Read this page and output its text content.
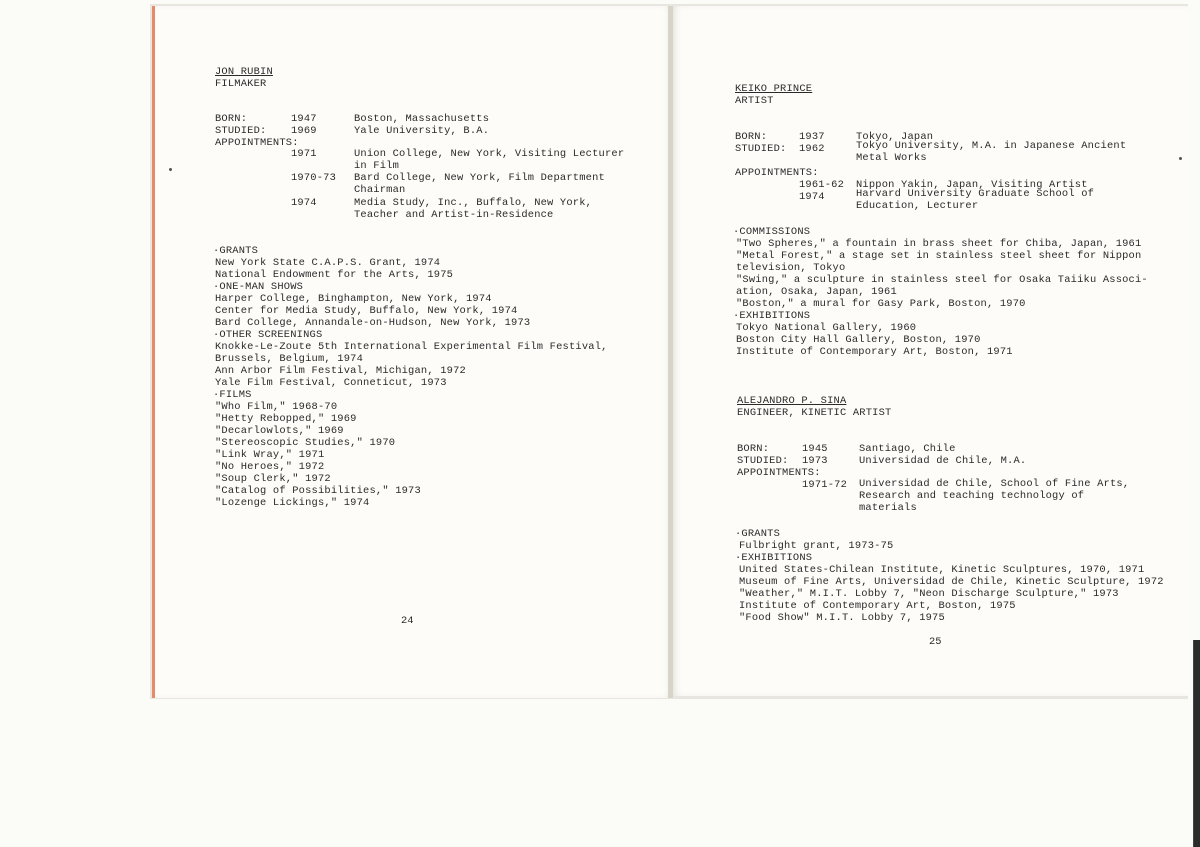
JON RUBIN
FILMAKER
BORN:	1947	Boston, Massachusetts
STUDIED: 1969	Yale University, B.A.
APPOINTMENTS:
1971	Union College, New York, Visiting Lecturer
in Film
1970-73 Bard College, New York, Film Department
Chairman
1974	Media Study, Inc., Buffalo, New York,
Teacher and Artist-in-Residence
·GRANTS
New York State C.A.P.S. Grant, 1974
National Endowment for the Arts, 1975
·ONE-MAN SHOWS
Harper College, Binghampton, New York, 1974
Center for Media Study, Buffalo, New York, 1974
Bard College, Annandale-on-Hudson, New York, 1973
·OTHER SCREENINGS
Knokke-Le-Zoute 5th International Experimental Film Festival,
Brussels, Belgium, 1974
Ann Arbor Film Festival, Michigan, 1972
Yale Film Festival, Conneticut, 1973
·FILMS
"Who Film," 1968-70
"Hetty Rebopped," 1969
"Decarlowlots," 1969
"Stereoscopic Studies," 1970
"Link Wray," 1971
"No Heroes," 1972
"Soup Clerk," 1972
"Catalog of Possibilities," 1973
"Lozenge Lickings," 1974
24
KEIKO PRINCE
ARTIST
BORN:	1937	Tokyo, Japan
STUDIED: 1962	Tokyo University, M.A. in Japanese Ancient
Metal Works
APPOINTMENTS:
1961-62 Nippon Yakin, Japan, Visiting Artist
1974	Harvard University Graduate School of
Education, Lecturer
·COMMISSIONS
"Two Spheres," a fountain in brass sheet for Chiba, Japan, 1961
"Metal Forest," a stage set in stainless steel sheet for Nippon
television, Tokyo
"Swing," a sculpture in stainless steel for Osaka Taiiku Associ-
ation, Osaka, Japan, 1961
"Boston," a mural for Gasy Park, Boston, 1970
·EXHIBITIONS
Tokyo National Gallery, 1960
Boston City Hall Gallery, Boston, 1970
Institute of Contemporary Art, Boston, 1971
ALEJANDRO P. SINA
ENGINEER, KINETIC ARTIST
BORN:	1945	Santiago, Chile
STUDIED: 1973	Universidad de Chile, M.A.
APPOINTMENTS:
1971-72 Universidad de Chile, School of Fine Arts,
Research and teaching technology of
materials
·GRANTS
Fulbright grant, 1973-75
·EXHIBITIONS
United States-Chilean Institute, Kinetic Sculptures, 1970, 1971
Museum of Fine Arts, Universidad de Chile, Kinetic Sculpture, 1972
"Weather," M.I.T. Lobby 7, "Neon Discharge Sculpture," 1973
Institute of Contemporary Art, Boston, 1975
"Food Show" M.I.T. Lobby 7, 1975
25
